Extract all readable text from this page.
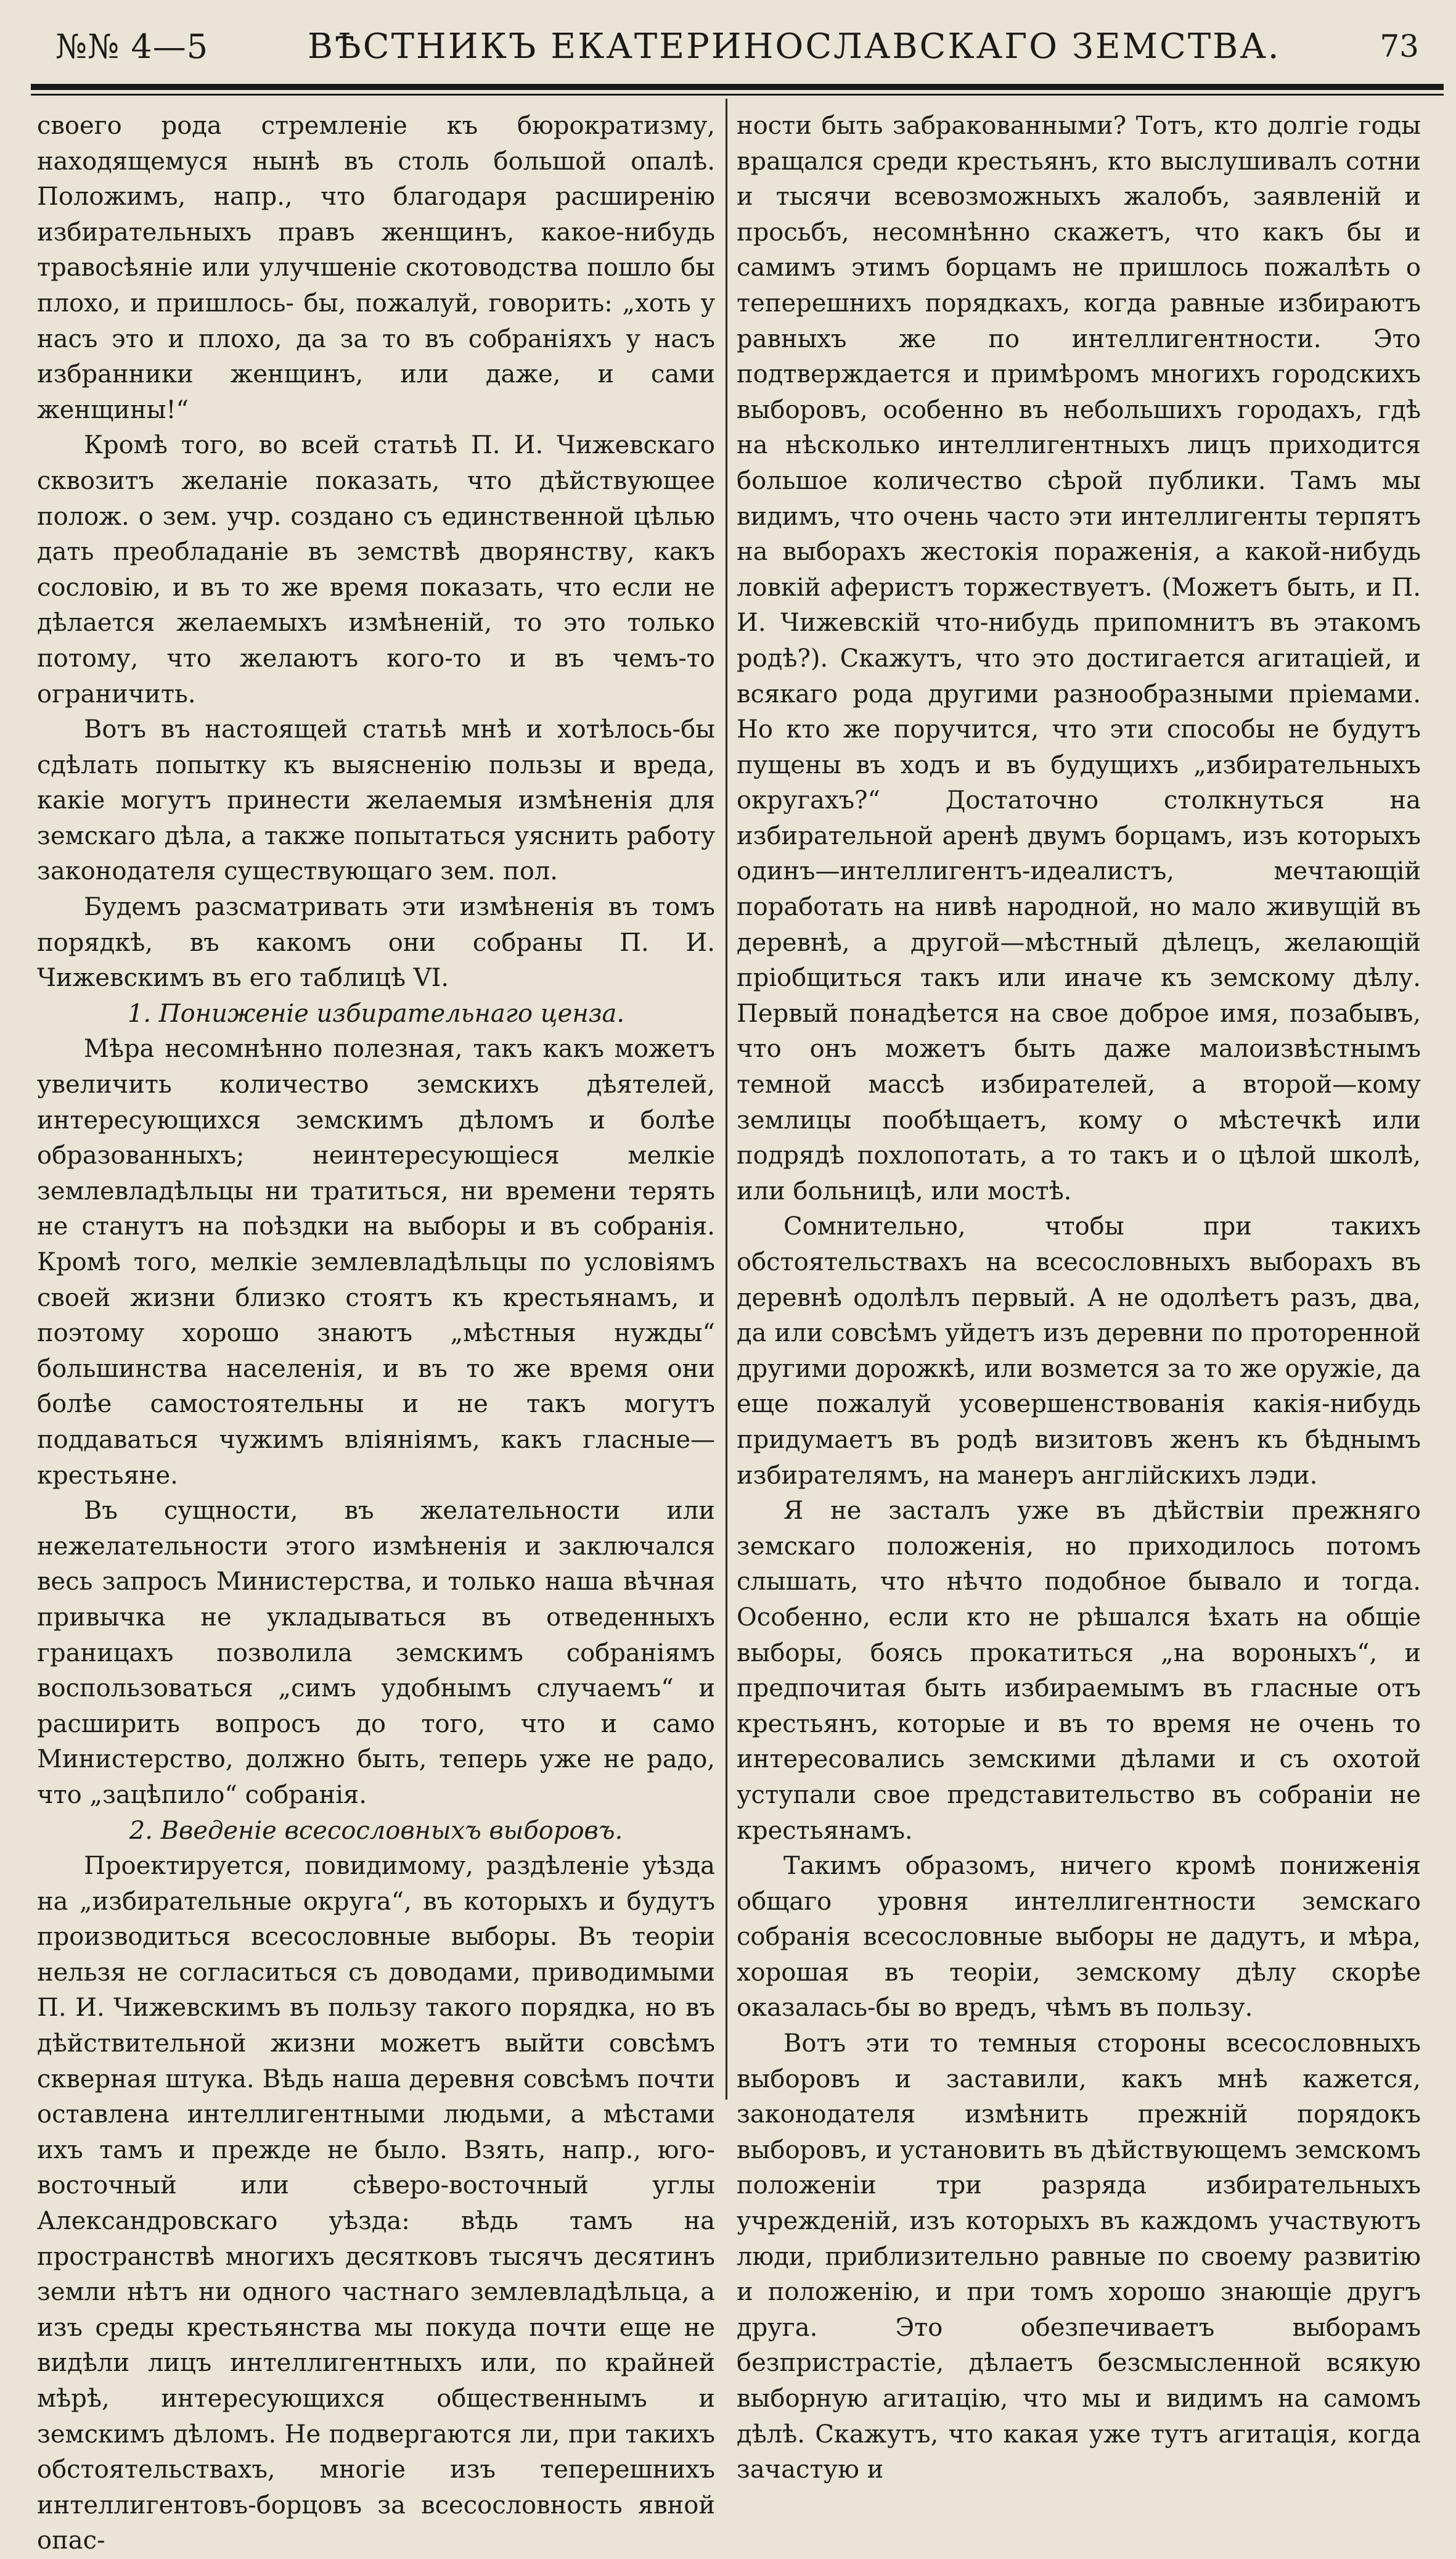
№№ 4—5	ВѢСТНИКЪ ЕКАТЕРИНОСЛАВСКАГО ЗЕМСТВА.	73

своего рода стремленіе къ бюрократизму, находящемуся нынѣ въ столь большой опалѣ. Положимъ, напр., что благодаря расширенію избирательныхъ правъ женщинъ, какое-нибудь травосѣяніе или улучшеніе скотоводства пошло бы плохо, и пришлось- бы, пожалуй, говорить: „хоть у насъ это и плохо, да за то въ собраніяхъ у насъ избранники женщинъ, или даже, и сами женщины!“

Кромѣ того, во всей статьѣ П. И. Чижевскаго сквозитъ желаніе показать, что дѣйствующее полож. о зем. учр. создано съ единственной цѣлью дать преобладаніе въ земствѣ дворянству, какъ сословію, и въ то же время показать, что если не дѣлается желаемыхъ измѣненій, то это только потому, что желаютъ кого-то и въ чемъ-то ограничить.

Вотъ въ настоящей статьѣ мнѣ и хотѣлось-бы сдѣлать попытку къ выясненію пользы и вреда, какіе могутъ принести желаемыя измѣненія для земскаго дѣла, а также попытаться уяснить работу законодателя существующаго зем. пол.

Будемъ разсматривать эти измѣненія въ томъ порядкѣ, въ какомъ они собраны П. И. Чижевскимъ въ его таблицѣ VI.

1. Пониженіе избирательнаго ценза.

Мѣра несомнѣнно полезная, такъ какъ можетъ увеличить количество земскихъ дѣятелей, интересующихся земскимъ дѣломъ и болѣе образованныхъ; неинтересующіеся мелкіе землевладѣльцы ни тратиться, ни времени терять не станутъ на поѣздки на выборы и въ собранія. Кромѣ того, мелкіе землевладѣльцы по условіямъ своей жизни близко стоятъ къ крестьянамъ, и поэтому хорошо знаютъ „мѣстныя нужды“ большинства населенія, и въ то же время они болѣе самостоятельны и не такъ могутъ поддаваться чужимъ вліяніямъ, какъ гласные—крестьяне.

Въ сущности, въ желательности или нежелательности этого измѣненія и заключался весь запросъ Министерства, и только наша вѣчная привычка не укладываться въ отведенныхъ границахъ позволила земскимъ собраніямъ воспользоваться „симъ удобнымъ случаемъ“ и расширить вопросъ до того, что и само Министерство, должно быть, теперь уже не радо, что „зацѣпило“ собранія.

2. Введеніе всесословныхъ выборовъ.

Проектируется, повидимому, раздѣленіе уѣзда на „избирательные округа“, въ которыхъ и будутъ производиться всесословные выборы. Въ теоріи нельзя не согласиться съ доводами, приводимыми П. И. Чижевскимъ въ пользу такого порядка, но въ дѣйствительной жизни можетъ выйти совсѣмъ скверная штука. Вѣдь наша деревня совсѣмъ почти оставлена интеллигентными людьми, а мѣстами ихъ тамъ и прежде не было. Взять, напр., юго-восточный или сѣверо-восточный углы Александровскаго уѣзда: вѣдь тамъ на пространствѣ многихъ десятковъ тысячъ десятинъ земли нѣтъ ни одного частнаго землевладѣльца, а изъ среды крестьянства мы покуда почти еще не видѣли лицъ интеллигентныхъ или, по крайней мѣрѣ, интересующихся общественнымъ и земскимъ дѣломъ. Не подвергаются ли, при такихъ обстоятельствахъ, многіе изъ теперешнихъ интеллигентовъ-борцовъ за всесословность явной опас-

ности быть забракованными? Тотъ, кто долгіе годы вращался среди крестьянъ, кто выслушивалъ сотни и тысячи всевозможныхъ жалобъ, заявленій и просьбъ, несомнѣнно скажетъ, что какъ бы и самимъ этимъ борцамъ не пришлось пожалѣть о теперешнихъ порядкахъ, когда равные избираютъ равныхъ же по интеллигентности. Это подтверждается и примѣромъ многихъ городскихъ выборовъ, особенно въ небольшихъ городахъ, гдѣ на нѣсколько интеллигентныхъ лицъ приходится большое количество сѣрой публики. Тамъ мы видимъ, что очень часто эти интеллигенты терпятъ на выборахъ жестокія пораженія, а какой-нибудь ловкій аферистъ торжествуетъ. (Можетъ быть, и П. И. Чижевскій что-нибудь припомнитъ въ этакомъ родѣ?). Скажутъ, что это достигается агитаціей, и всякаго рода другими разнообразными пріемами. Но кто же поручится, что эти способы не будутъ пущены въ ходъ и въ будущихъ „избирательныхъ округахъ?“ Достаточно столкнуться на избирательной аренѣ двумъ борцамъ, изъ которыхъ одинъ—интеллигентъ-идеалистъ, мечтающій поработать на нивѣ народной, но мало живущій въ деревнѣ, а другой—мѣстный дѣлецъ, желающій пріобщиться такъ или иначе къ земскому дѣлу. Первый понадѣется на свое доброе имя, позабывъ, что онъ можетъ быть даже малоизвѣстнымъ темной массѣ избирателей, а второй—кому землицы пообѣщаетъ, кому о мѣстечкѣ или подрядѣ похлопотать, а то такъ и о цѣлой школѣ, или больницѣ, или мостѣ.

Сомнительно, чтобы при такихъ обстоятельствахъ на всесословныхъ выборахъ въ деревнѣ одолѣлъ первый. А не одолѣетъ разъ, два, да или совсѣмъ уйдетъ изъ деревни по проторенной другими дорожкѣ, или возмется за то же оружіе, да еще пожалуй усовершенствованія какія-нибудь придумаетъ въ родѣ визитовъ женъ къ бѣднымъ избирателямъ, на манеръ англійскихъ лэди.

Я не засталъ уже въ дѣйствіи прежняго земскаго положенія, но приходилось потомъ слышать, что нѣчто подобное бывало и тогда. Особенно, если кто не рѣшался ѣхать на общіе выборы, боясь прокатиться „на вороныхъ“, и предпочитая быть избираемымъ въ гласные отъ крестьянъ, которые и въ то время не очень то интересовались земскими дѣлами и съ охотой уступали свое представительство въ собраніи не крестьянамъ.

Такимъ образомъ, ничего кромѣ пониженія общаго уровня интеллигентности земскаго собранія всесословные выборы не дадутъ, и мѣра, хорошая въ теоріи, земскому дѣлу скорѣе оказалась-бы во вредъ, чѣмъ въ пользу.

Вотъ эти то темныя стороны всесословныхъ выборовъ и заставили, какъ мнѣ кажется, законодателя измѣнить прежній порядокъ выборовъ, и установить въ дѣйствующемъ земскомъ положеніи три разряда избирательныхъ учрежденій, изъ которыхъ въ каждомъ участвуютъ люди, приблизительно равные по своему развитію и положенію, и при томъ хорошо знающіе другъ друга. Это обезпечиваетъ выборамъ безпристрастіе, дѣлаетъ безсмысленной всякую выборную агитацію, что мы и видимъ на самомъ дѣлѣ. Скажутъ, что какая уже тутъ агитація, когда зачастую и
